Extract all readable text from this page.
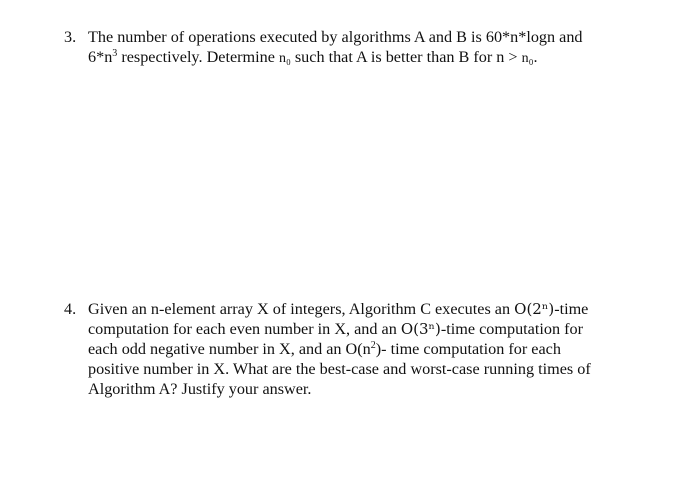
3. The number of operations executed by algorithms A and B is 60*n*logn and
$6*n^3$ respectively. Determine n₀ such that A is better than B for n > n₀.
4. Given an n-element array X of integers, Algorithm C executes an O(2ⁿ)-time
computation for each even number in X, and an O(3ⁿ)-time computation for
each odd negative number in X, and an $O(n^2)-$ time computation for each
positive number in X. What are the best-case and worst-case running times of
Algorithm A? Justify your answer.
